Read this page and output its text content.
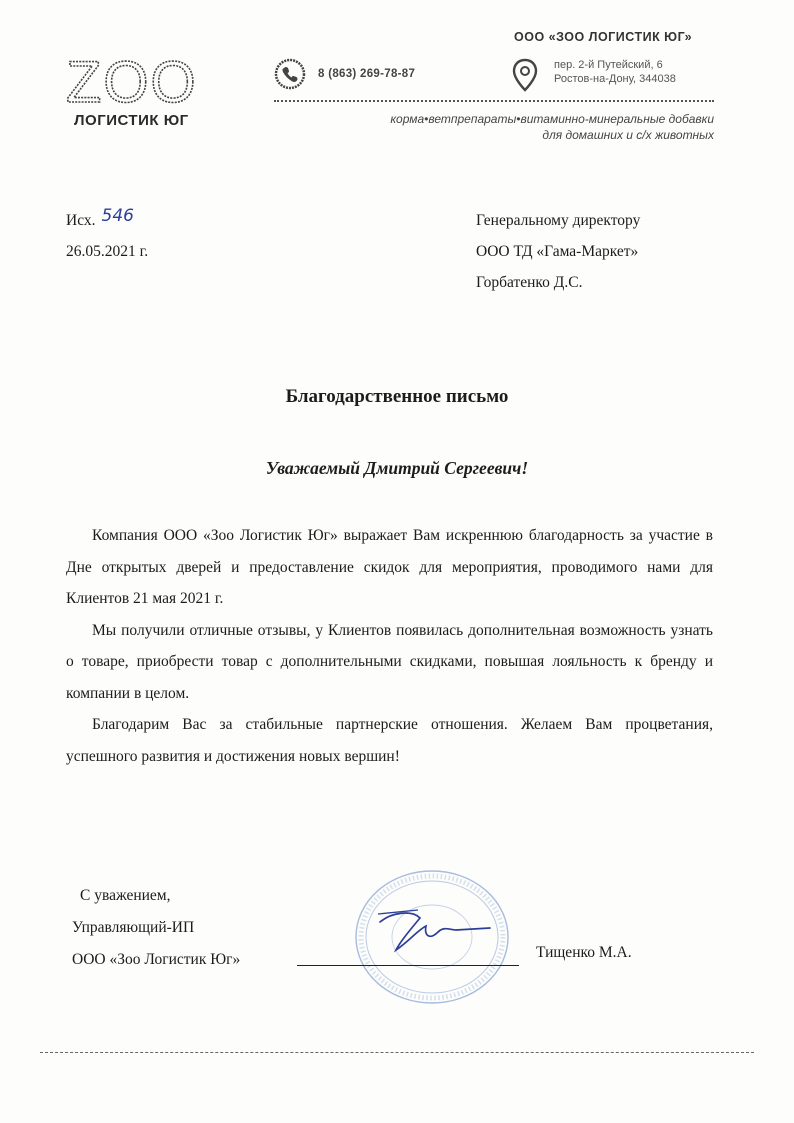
ZOO
ЛОГИСТИК ЮГ
ООО «ЗОО ЛОГИСТИК ЮГ»
8 (863) 269-78-87
пер. 2-й Путейский, 6
Ростов-на-Дону, 344038
корма•ветпрепараты•витаминно-минеральные добавки
для домашних и с/х животных
Исх. 546
26.05.2021 г.
Генеральному директору
ООО ТД «Гама-Маркет»
Горбатенко Д.С.
Благодарственное письмо
Уважаемый Дмитрий Сергеевич!

Компания ООО «Зоо Логистик Юг» выражает Вам искреннюю благодарность за участие в Дне открытых дверей и предоставление скидок для мероприятия, проводимого нами для Клиентов 21 мая 2021 г.

Мы получили отличные отзывы, у Клиентов появилась дополнительная возможность узнать о товаре, приобрести товар с дополнительными скидками, повышая лояльность к бренду и компании в целом.

Благодарим Вас за стабильные партнерские отношения. Желаем Вам процветания, успешного развития и достижения новых вершин!

С уважением,
Управляющий-ИП
ООО «Зоо Логистик Юг»	Тищенко М.А.
